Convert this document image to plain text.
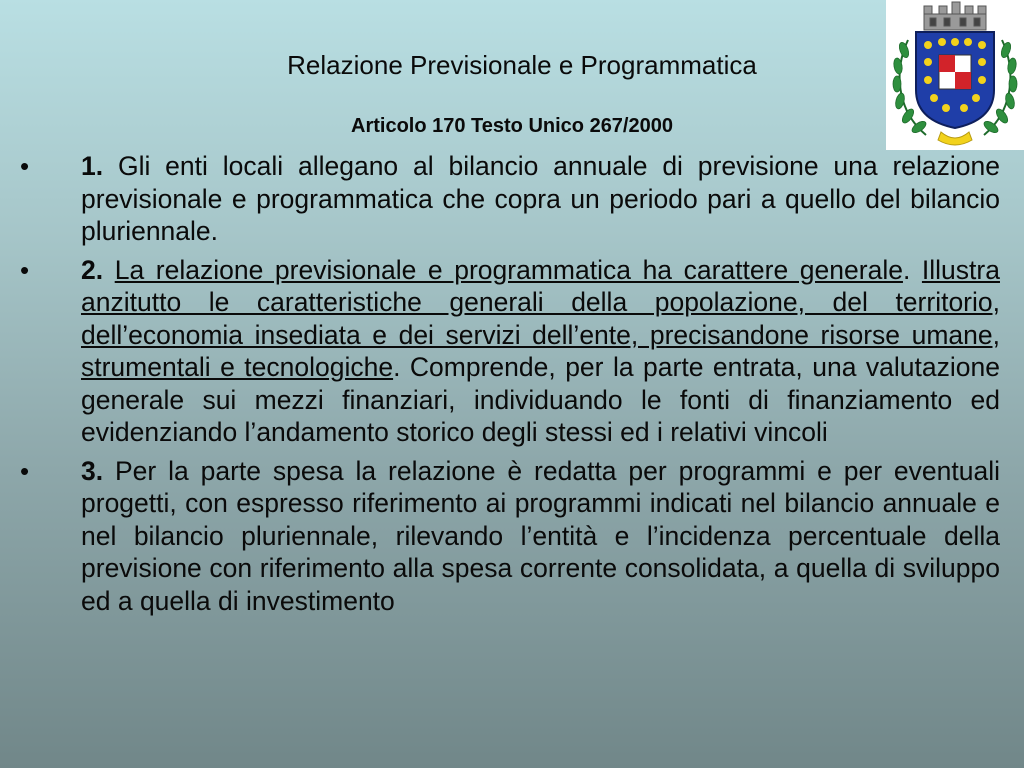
Relazione Previsionale e Programmatica
Articolo 170 Testo Unico 267/2000
•	1. Gli enti locali allegano al bilancio annuale di previsione una relazione previsionale e programmatica che copra un periodo pari a quello del bilancio pluriennale.
•	2. La relazione previsionale e programmatica ha carattere generale. Illustra anzitutto le caratteristiche generali della popolazione, del territorio, dell’economia insediata e dei servizi dell’ente, precisandone risorse umane, strumentali e tecnologiche. Comprende, per la parte entrata, una valutazione generale sui mezzi finanziari, individuando le fonti di finanziamento ed evidenziando l’andamento storico degli stessi ed i relativi vincoli
•	3. Per la parte spesa la relazione è redatta per programmi e per eventuali progetti, con espresso riferimento ai programmi indicati nel bilancio annuale e nel bilancio pluriennale, rilevando l’entità e l’incidenza percentuale della previsione con riferimento alla spesa corrente consolidata, a quella di sviluppo ed a quella di investimento
